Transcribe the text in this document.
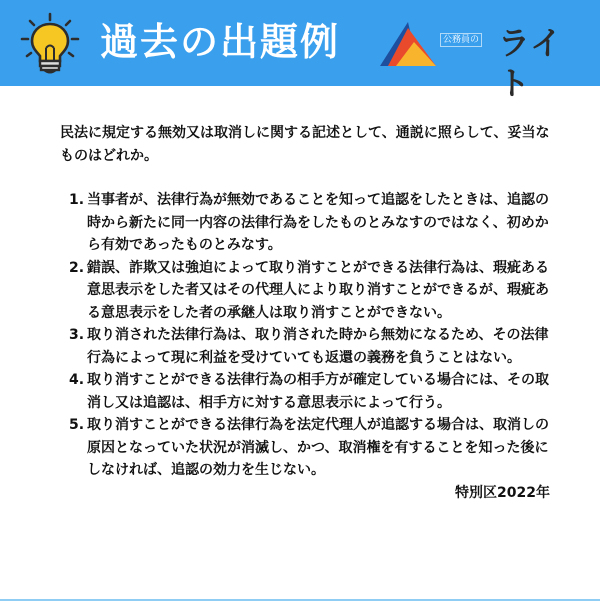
過去の出題例	公務員の ライト

民法に規定する無効又は取消しに関する記述として、通説に照らして、妥当なものはどれか。

1. 当事者が、法律行為が無効であることを知って追認をしたときは、追認の時から新たに同一内容の法律行為をしたものとみなすのではなく、初めから有効であったものとみなす。
2. 錯誤、詐欺又は強迫によって取り消すことができる法律行為は、瑕疵ある意思表示をした者又はその代理人により取り消すことができるが、瑕疵ある意思表示をした者の承継人は取り消すことができない。
3. 取り消された法律行為は、取り消された時から無効になるため、その法律行為によって現に利益を受けていても返還の義務を負うことはない。
4. 取り消すことができる法律行為の相手方が確定している場合には、その取消し又は追認は、相手方に対する意思表示によって行う。
5. 取り消すことができる法律行為を法定代理人が追認する場合は、取消しの原因となっていた状況が消滅し、かつ、取消権を有することを知った後にしなければ、追認の効力を生じない。

特別区2022年
